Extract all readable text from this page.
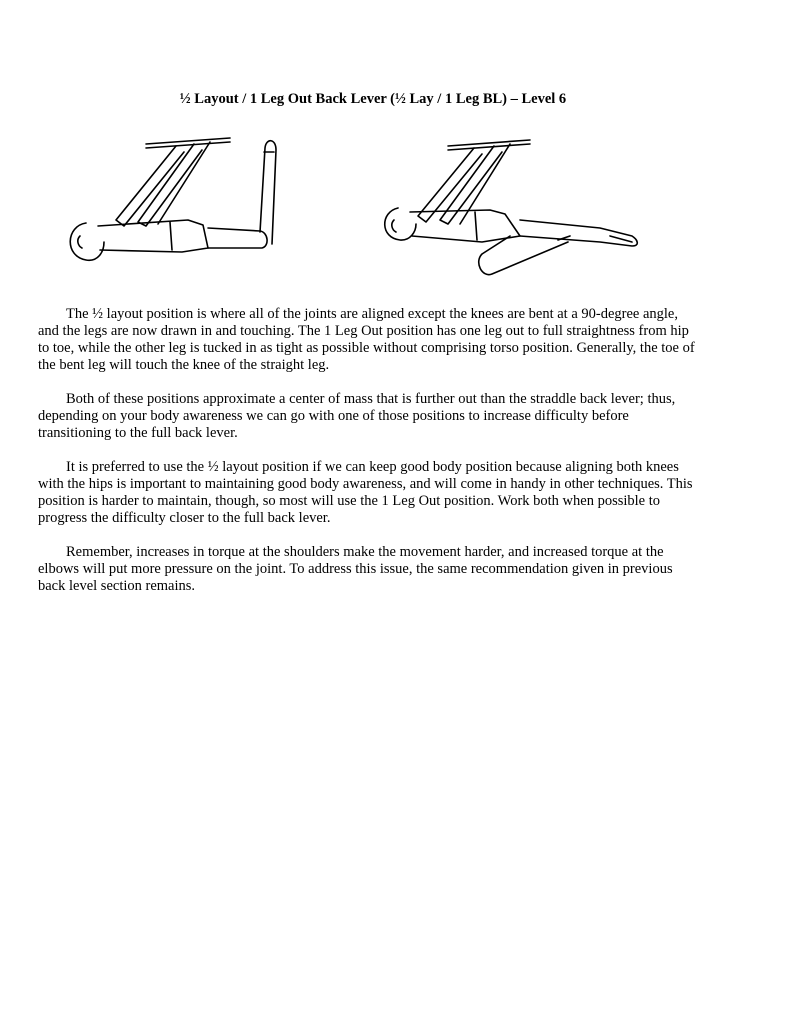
½ Layout / 1 Leg Out Back Lever (½ Lay / 1 Leg BL) – Level 6

The ½ layout position is where all of the joints are aligned except the knees are bent at a 90-degree angle, and the legs are now drawn in and touching. The 1 Leg Out position has one leg out to full straightness from hip to toe, while the other leg is tucked in as tight as possible without comprising torso position. Generally, the toe of the bent leg will touch the knee of the straight leg.

Both of these positions approximate a center of mass that is further out than the straddle back lever; thus, depending on your body awareness we can go with one of those positions to increase difficulty before transitioning to the full back lever.

It is preferred to use the ½ layout position if we can keep good body position because aligning both knees with the hips is important to maintaining good body awareness, and will come in handy in other techniques. This position is harder to maintain, though, so most will use the 1 Leg Out position. Work both when possible to progress the difficulty closer to the full back lever.

Remember, increases in torque at the shoulders make the movement harder, and increased torque at the elbows will put more pressure on the joint. To address this issue, the same recommendation given in previous back level section remains.
